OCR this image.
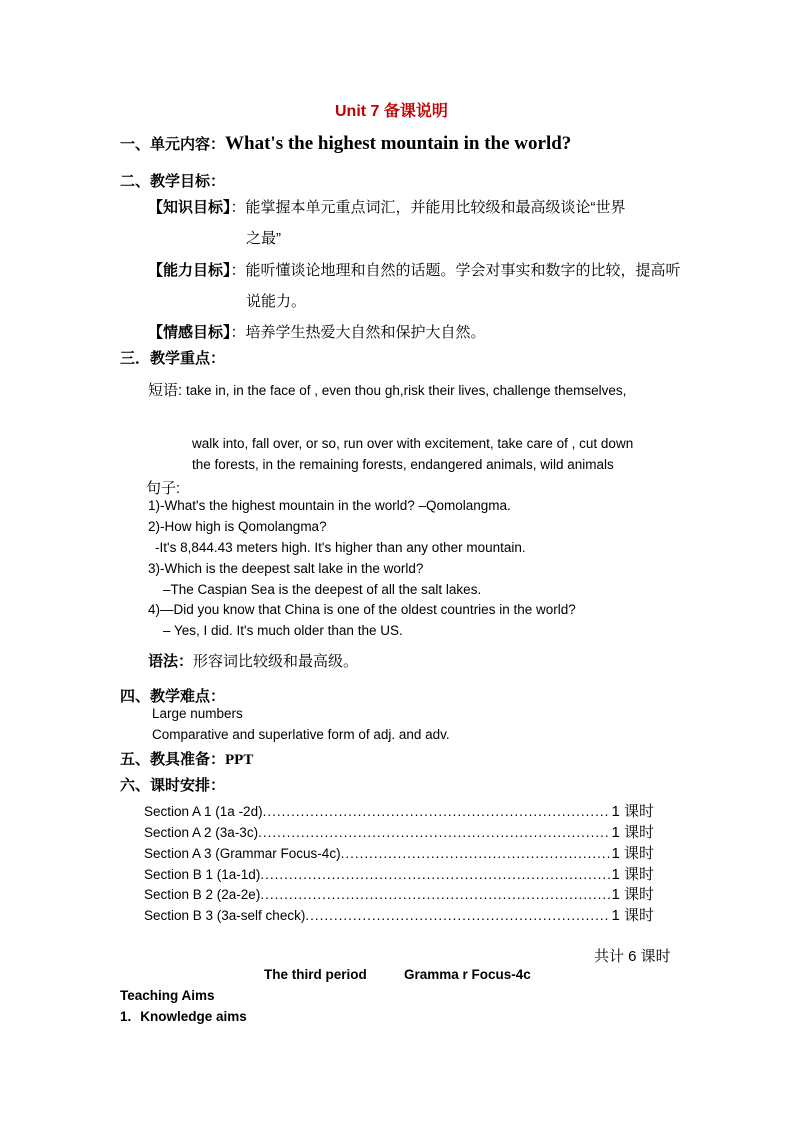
Unit 7 备课说明
一、单元内容：What's the highest mountain in the world?
二、教学目标：
【知识目标】：能掌握本单元重点词汇，并能用比较级和最高级谈论“世界
之最”
【能力目标】：能听懂谈论地理和自然的话题。学会对事实和数字的比较，提高听
说能力。
【情感目标】：培养学生热爱大自然和保护大自然。
三．教学重点：
短语: take in, in the face of , even thou gh,risk their lives, challenge themselves,
walk into, fall over, or so, run over with excitement, take care of , cut down
the forests, in the remaining forests, endangered animals, wild animals
句子:
1)-What's the highest mountain in the world? –Qomolangma.
2)-How high is Qomolangma?
-It's 8,844.43 meters high. It's higher than any other mountain.
3)-Which is the deepest salt lake in the world?
–The Caspian Sea is the deepest of all the salt lakes.
4)—Did you know that China is one of the oldest countries in the world?
– Yes, I did. It's much older than the US.
语法：形容词比较级和最高级。
四、教学难点：
Large numbers
Comparative and superlative form of adj. and adv.
五、教具准备：PPT
六、课时安排：
Section A 1 (1a -2d) .....	1 课时
Section A 2 (3a-3c) .....	1 课时
Section A 3 (Grammar Focus-4c) .....	1 课时
Section B 1 (1a-1d) .....	1 课时
Section B 2 (2a-2e) .....	1 课时
Section B 3 (3a-self check) .....	1 课时
共计 6 课时
The third period	Gramma r Focus-4c
Teaching Aims
1. Knowledge aims
